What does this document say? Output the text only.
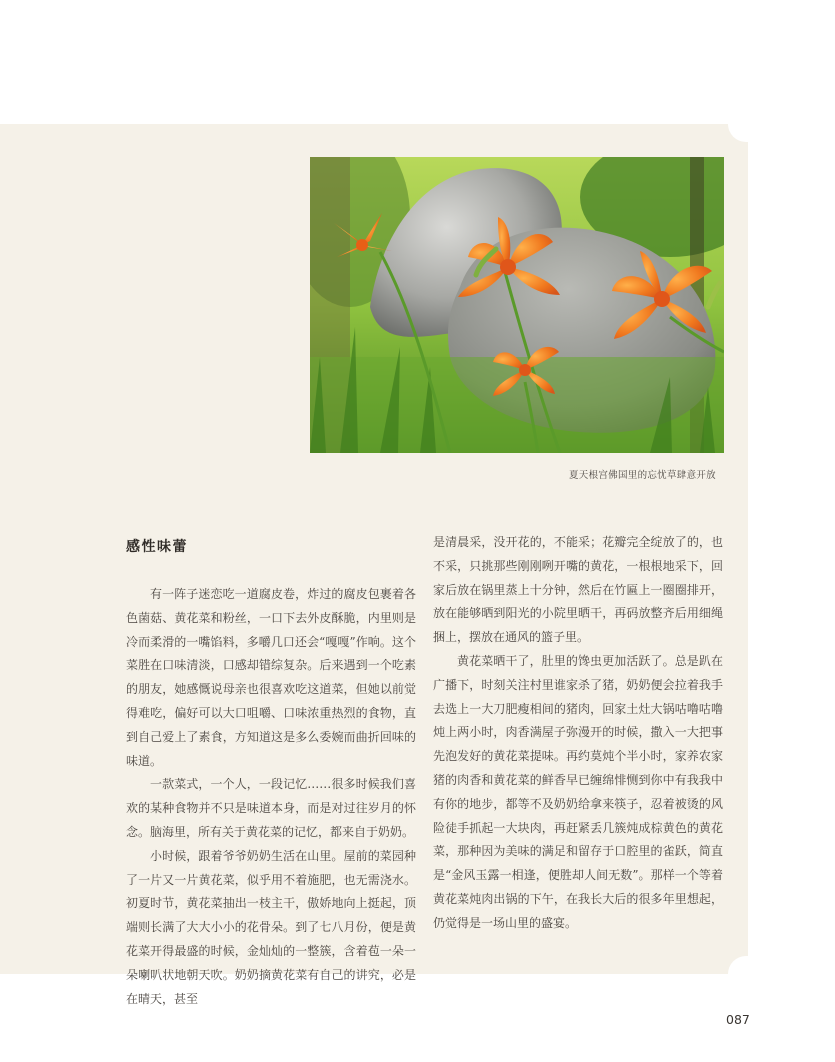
夏天根宫佛国里的忘忧草肆意开放
感性味蕾

有一阵子迷恋吃一道腐皮卷，炸过的腐皮包裹着各色菌菇、黄花菜和粉丝，一口下去外皮酥脆，内里则是冷而柔滑的一嘴馅料，多嚼几口还会“嘎嘎”作响。这个菜胜在口味清淡，口感却错综复杂。后来遇到一个吃素的朋友，她感慨说母亲也很喜欢吃这道菜，但她以前觉得难吃，偏好可以大口咀嚼、口味浓重热烈的食物，直到自己爱上了素食，方知道这是多么委婉而曲折回味的味道。

一款菜式，一个人，一段记忆……很多时候我们喜欢的某种食物并不只是味道本身，而是对过往岁月的怀念。脑海里，所有关于黄花菜的记忆，都来自于奶奶。

小时候，跟着爷爷奶奶生活在山里。屋前的菜园种了一片又一片黄花菜，似乎用不着施肥，也无需浇水。初夏时节，黄花菜抽出一枝主干，傲娇地向上挺起，顶端则长满了大大小小的花骨朵。到了七八月份，便是黄花菜开得最盛的时候，金灿灿的一整簇，含着苞一朵一朵喇叭状地朝天吹。奶奶摘黄花菜有自己的讲究，必是在晴天，甚至

是清晨采，没开花的，不能采；花瓣完全绽放了的，也不采，只挑那些刚刚咧开嘴的黄花，一根根地采下，回家后放在锅里蒸上十分钟，然后在竹匾上一圈圈排开，放在能够晒到阳光的小院里晒干，再码放整齐后用细绳捆上，摆放在通风的篮子里。

黄花菜晒干了，肚里的馋虫更加活跃了。总是趴在广播下，时刻关注村里谁家杀了猪，奶奶便会拉着我手去选上一大刀肥瘦相间的猪肉，回家土灶大锅咕噜咕噜炖上两小时，肉香满屋子弥漫开的时候，撒入一大把事先泡发好的黄花菜提味。再约莫炖个半小时，家养农家猪的肉香和黄花菜的鲜香早已缠绵悱恻到你中有我我中有你的地步，都等不及奶奶给拿来筷子，忍着被烫的风险徒手抓起一大块肉，再赶紧丢几簇炖成棕黄色的黄花菜，那种因为美味的满足和留存于口腔里的雀跃，简直是“金风玉露一相逢，便胜却人间无数”。那样一个等着黄花菜炖肉出锅的下午，在我长大后的很多年里想起，仍觉得是一场山里的盛宴。

087
